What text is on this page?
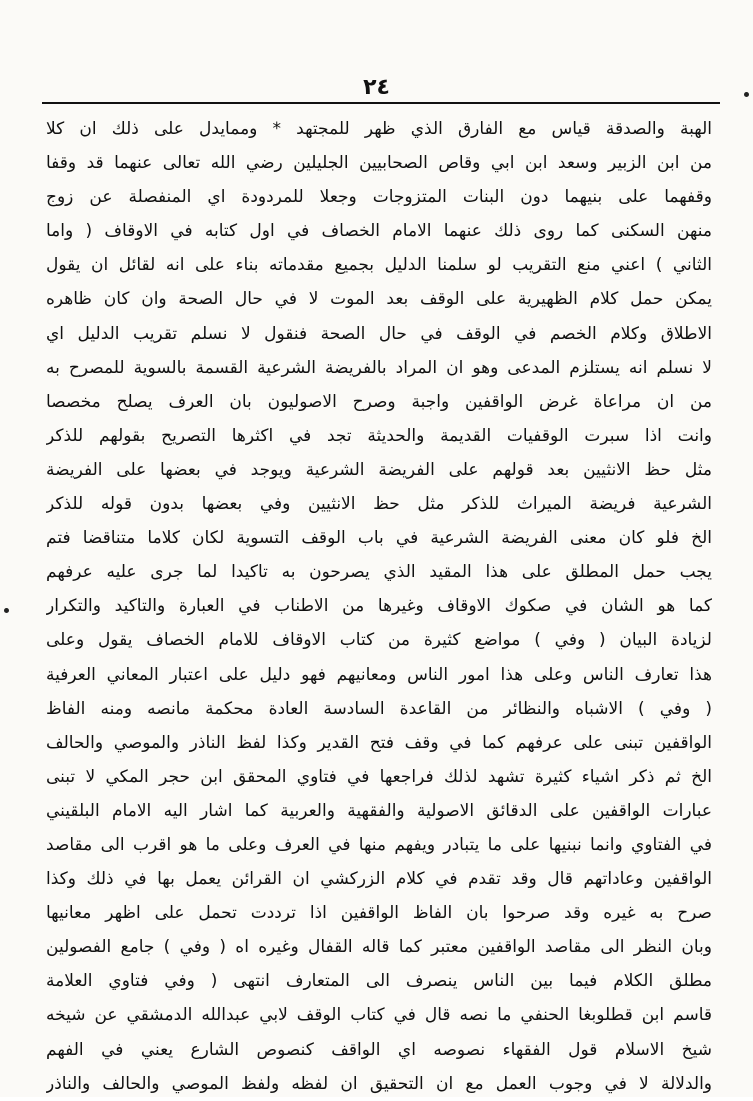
٢٤
الهبة والصدقة قياس مع الفارق الذي ظهر للمجتهد * وممايدل على ذلك ان كلا
من ابن الزبير وسعد ابن ابي وقاص الصحابيين الجليلين رضي الله تعالى عنهما قد وقفا
وقفهما على بنيهما دون البنات المتزوجات وجعلا للمردودة اي المنفصلة عن زوج
منهن السكنى كما روى ذلك عنهما الامام الخصاف في اول كتابه في الاوقاف ( واما
الثاني ) اعني منع التقريب لو سلمنا الدليل بجميع مقدماته بناء على انه لقائل ان يقول
يمكن حمل كلام الظهيرية على الوقف بعد الموت لا في حال الصحة وان كان ظاهره
الاطلاق وكلام الخصم في الوقف في حال الصحة فنقول لا نسلم تقريب الدليل اي
لا نسلم انه يستلزم المدعى وهو ان المراد بالفريضة الشرعية القسمة بالسوية للمصرح به
من ان مراعاة غرض الواقفين واجبة وصرح الاصوليون بان العرف يصلح مخصصا
وانت اذا سبرت الوقفيات القديمة والحديثة تجد في اكثرها التصريح بقولهم للذكر
مثل حظ الانثيين بعد قولهم على الفريضة الشرعية ويوجد في بعضها على الفريضة
الشرعية فريضة الميراث للذكر مثل حظ الانثيين وفي بعضها بدون قوله للذكر
الخ فلو كان معنى الفريضة الشرعية في باب الوقف التسوية لكان كلاما متناقضا فتم
يجب حمل المطلق على هذا المقيد الذي يصرحون به تاكيدا لما جرى عليه عرفهم
كما هو الشان في صكوك الاوقاف وغيرها من الاطناب في العبارة والتاكيد والتكرار
لزيادة البيان ( وفي ) مواضع كثيرة من كتاب الاوقاف للامام الخصاف يقول وعلى
هذا تعارف الناس وعلى هذا امور الناس ومعانيهم فهو دليل على اعتبار المعاني العرفية
( وفي ) الاشباه والنظائر من القاعدة السادسة العادة محكمة مانصه ومنه الفاظ
الواقفين تبنى على عرفهم كما في وقف فتح القدير وكذا لفظ الناذر والموصي والحالف
الخ ثم ذكر اشياء كثيرة تشهد لذلك فراجعها في فتاوي المحقق ابن حجر المكي لا تبنى
عبارات الواقفين على الدقائق الاصولية والفقهية والعربية كما اشار اليه الامام البلقيني
في الفتاوي وانما نبنيها على ما يتبادر ويفهم منها في العرف وعلى ما هو اقرب الى مقاصد
الواقفين وعاداتهم قال وقد تقدم في كلام الزركشي ان القرائن يعمل بها في ذلك وكذا
صرح به غيره وقد صرحوا بان الفاظ الواقفين اذا ترددت تحمل على اظهر معانيها
وبان النظر الى مقاصد الواقفين معتبر كما قاله القفال وغيره اه ( وفي ) جامع الفصولين
مطلق الكلام فيما بين الناس ينصرف الى المتعارف انتهى ( وفي فتاوي العلامة
قاسم ابن قطلوبغا الحنفي ما نصه قال في كتاب الوقف لابي عبدالله الدمشقي عن شيخه
شيخ الاسلام قول الفقهاء نصوصه اي الواقف كنصوص الشارع يعني في الفهم
والدلالة لا في وجوب العمل مع ان التحقيق ان لفظه ولفظ الموصي والحالف والناذر
